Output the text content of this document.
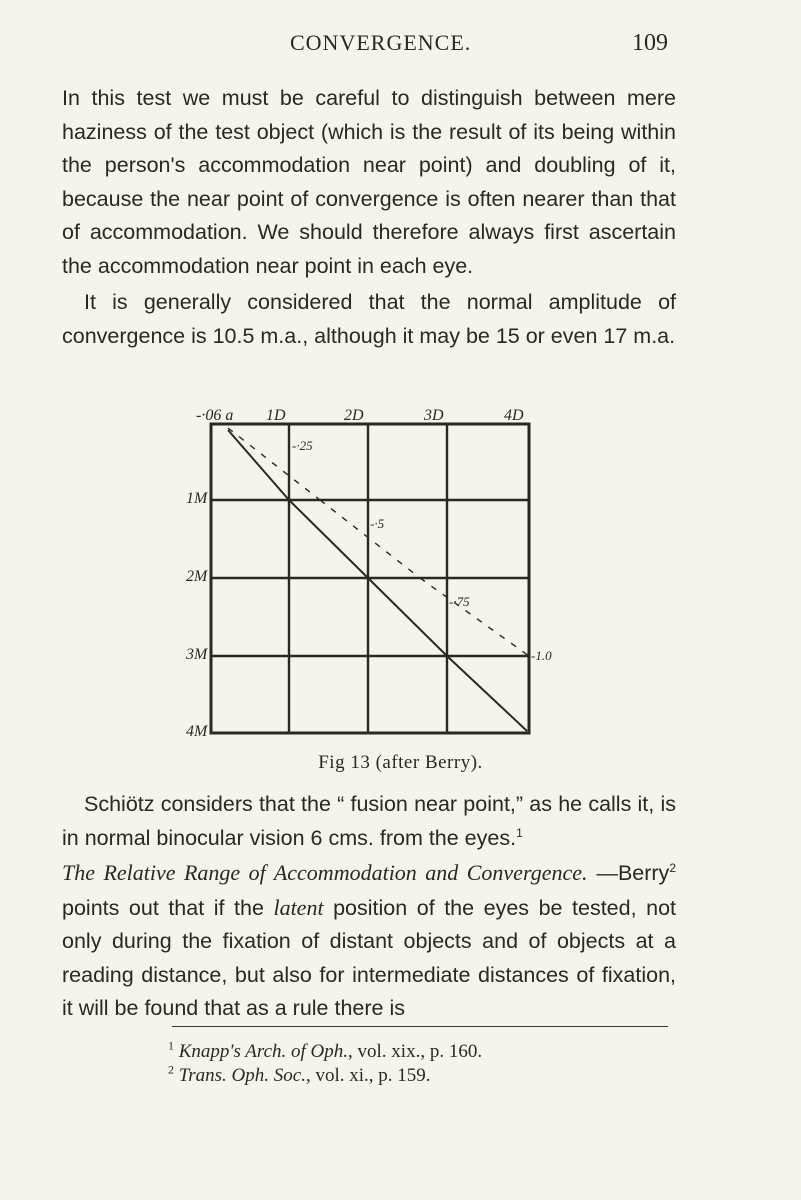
CONVERGENCE.	109

In this test we must be careful to distinguish between mere haziness of the test object (which is the result of its being within the person's accommodation near point) and doubling of it, because the near point of convergence is often nearer than that of accommodation. We should therefore always first ascertain the accommodation near point in each eye.

It is generally considered that the normal amplitude of convergence is 10.5 m.a., although it may be 15 or even 17 m.a.

-·06 a 1D	2D	3D	4D
1M
2M
3M
4M
-·25
-·5
-·75
-1.0
Fig 13 (after Berry).

Schiötz considers that the “ fusion near point,” as he calls it, is in normal binocular vision 6 cms. from the eyes.$^1$

The Relative Range of Accommodation and Convergence. —Berry$^2$ points out that if the latent position of the eyes be tested, not only during the fixation of distant objects and of objects at a reading distance, but also for intermediate distances of fixation, it will be found that as a rule there is

$^1$ Knapp's Arch. of Oph., vol. xix., p. 160.

$^2$ Trans. Oph. Soc., vol. xi., p. 159.
